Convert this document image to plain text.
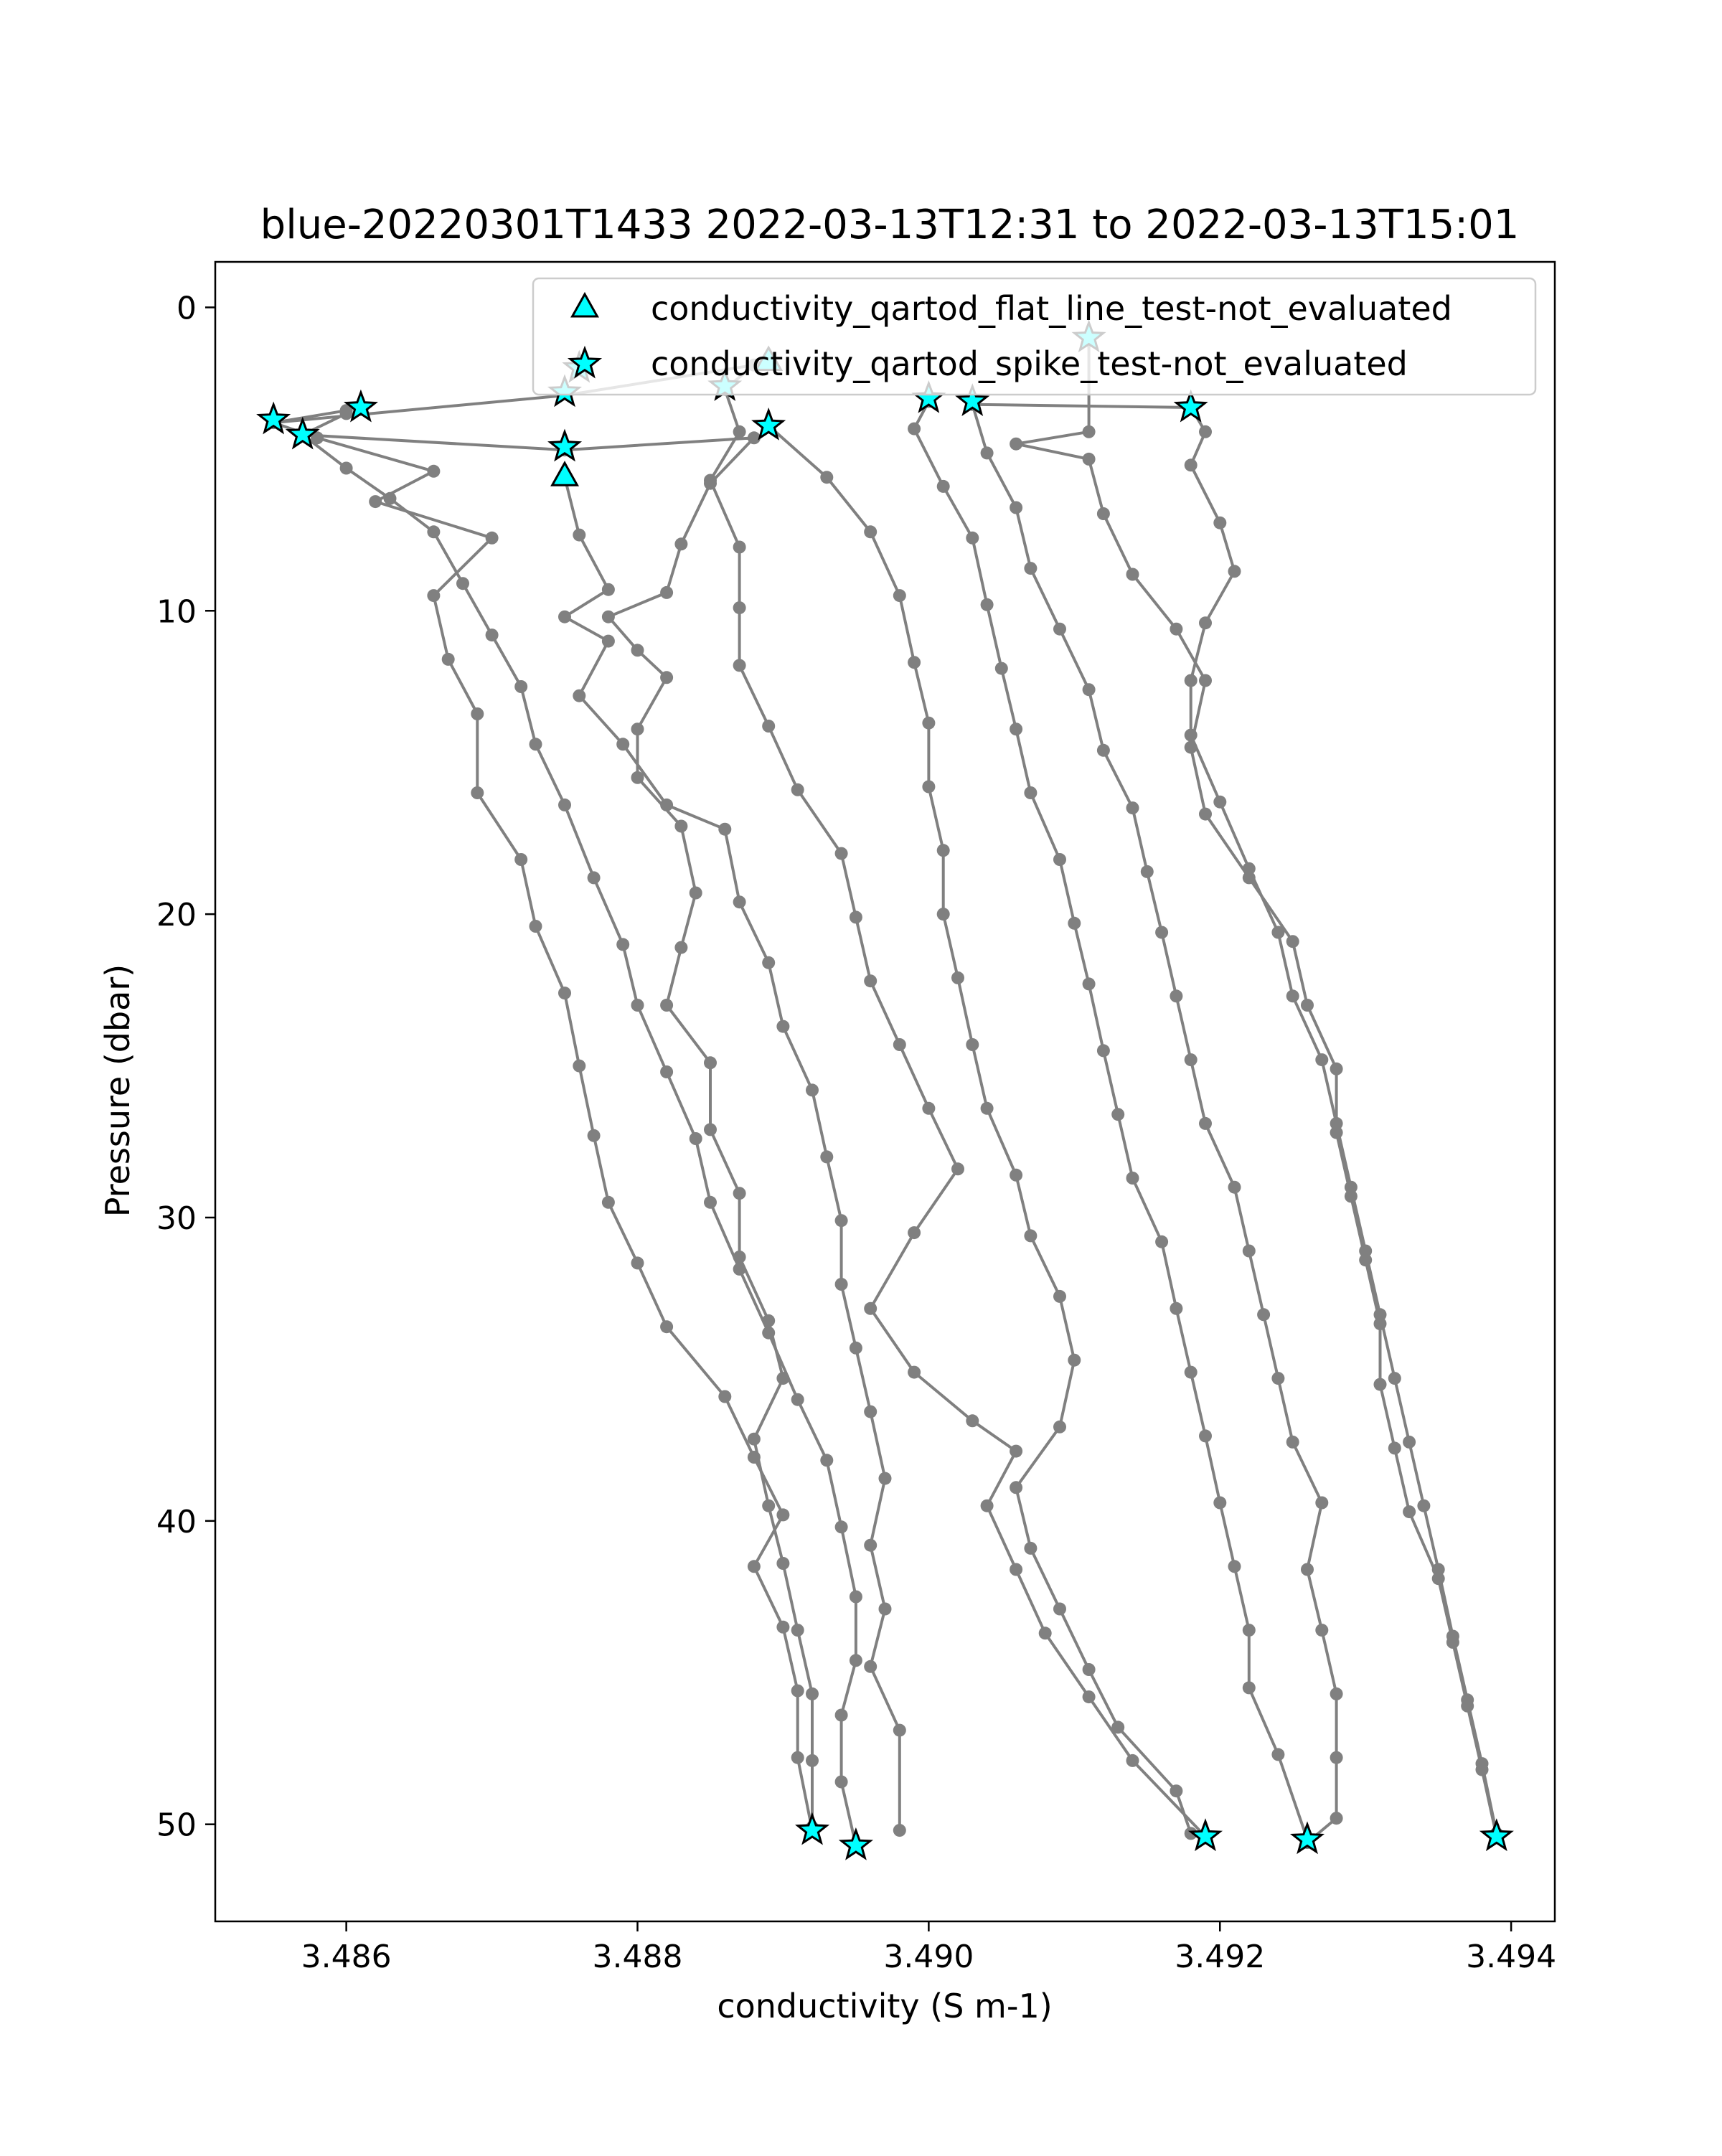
blue-20220301T1433 2022-03-13T12:31 to 2022-03-13T15:01
3.486	3.488	3.490	3.492	3.494
0
10
20
30
40
50
conductivity (S m-1)
Pressure (dbar)
conductivity_qartod_flat_line_test-not_evaluated
conductivity_qartod_spike_test-not_evaluated
